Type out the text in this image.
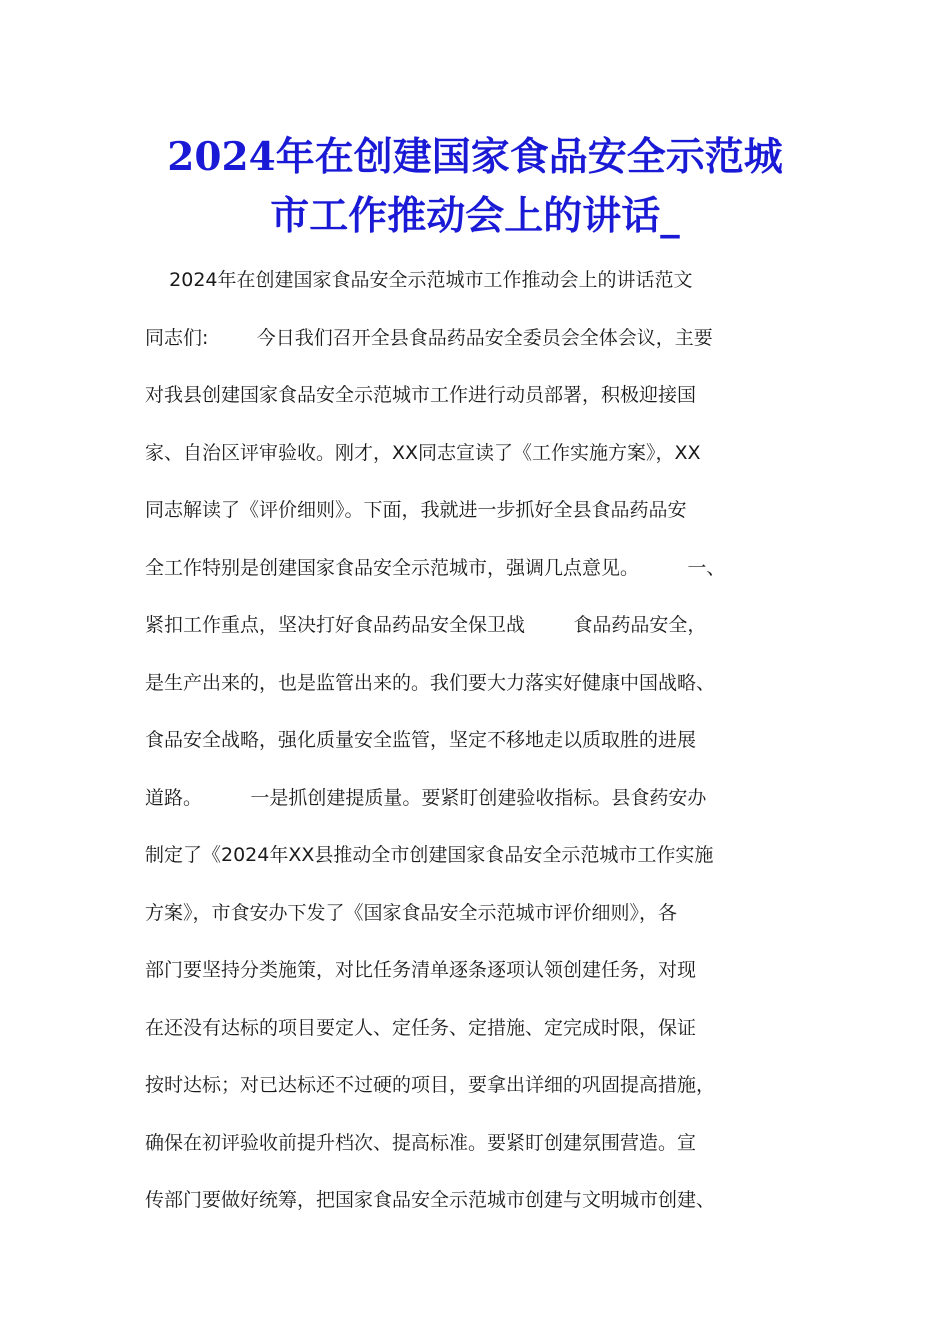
2024年在创建国家食品安全示范城
市工作推动会上的讲话_
2024年在创建国家食品安全示范城市工作推动会上的讲话范文
同志们:        今日我们召开全县食品药品安全委员会全体会议，主要
对我县创建国家食品安全示范城市工作进行动员部署，积极迎接国
家、自治区评审验收。刚才，XX同志宣读了《工作实施方案》，XX
同志解读了《评价细则》。下面，我就进一步抓好全县食品药品安
全工作特别是创建国家食品安全示范城市，强调几点意见。        一、
紧扣工作重点，坚决打好食品药品安全保卫战        食品药品安全，
是生产出来的，也是监管出来的。我们要大力落实好健康中国战略、
食品安全战略，强化质量安全监管，坚定不移地走以质取胜的进展
道路。        一是抓创建提质量。要紧盯创建验收指标。县食药安办
制定了《2024年XX县推动全市创建国家食品安全示范城市工作实施
方案》，市食安办下发了《国家食品安全示范城市评价细则》，各
部门要坚持分类施策，对比任务清单逐条逐项认领创建任务，对现
在还没有达标的项目要定人、定任务、定措施、定完成时限，保证
按时达标；对已达标还不过硬的项目，要拿出详细的巩固提高措施，
确保在初评验收前提升档次、提高标准。要紧盯创建氛围营造。宣
传部门要做好统筹，把国家食品安全示范城市创建与文明城市创建、
